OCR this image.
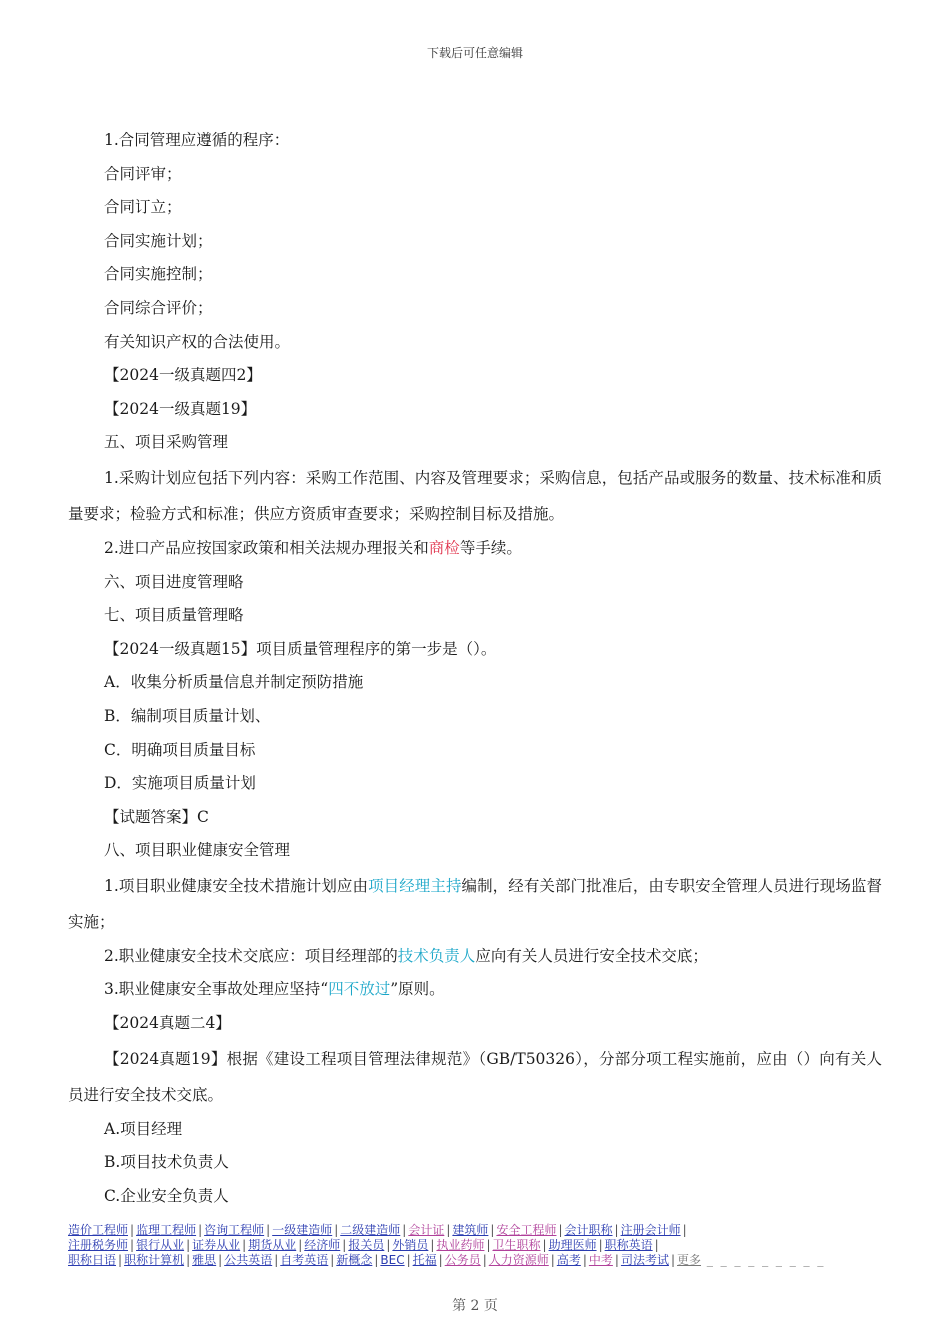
下载后可任意编辑

1.合同管理应遵循的程序：

合同评审；

合同订立；

合同实施计划；

合同实施控制；

合同综合评价；

有关知识产权的合法使用。

【2024一级真题四2】

【2024一级真题19】

五、项目采购管理

1.采购计划应包括下列内容：采购工作范围、内容及管理要求；采购信息，包括产品或服务的数量、技术标准和质量要求；检验方式和标准；供应方资质审查要求；采购控制目标及措施。

2.进口产品应按国家政策和相关法规办理报关和商检等手续。

六、项目进度管理略

七、项目质量管理略

【2024一级真题15】项目质量管理程序的第一步是（）。

A．收集分析质量信息并制定预防措施

B．编制项目质量计划、

C．明确项目质量目标

D．实施项目质量计划

【试题答案】C

八、项目职业健康安全管理

1.项目职业健康安全技术措施计划应由项目经理主持编制，经有关部门批准后，由专职安全管理人员进行现场监督实施；

2.职业健康安全技术交底应：项目经理部的技术负责人应向有关人员进行安全技术交底；

3.职业健康安全事故处理应坚持“四不放过”原则。

【2024真题二4】

【2024真题19】根据《建设工程项目管理法律规范》（GB/T50326），分部分项工程实施前，应由（）向有关人员进行安全技术交底。

A.项目经理

B.项目技术负责人

C.企业安全负责人

造价工程师 | 监理工程师 | 咨询工程师 | 一级建造师 | 二级建造师 | 会计证 | 建筑师 | 安全工程师 | 会计职称 | 注册会计师 |
注册税务师 | 银行从业 | 证券从业 | 期货从业 | 经济师 | 报关员 | 外销员 | 执业药师 | 卫生职称 | 助理医师 | 职称英语 |
职称日语 | 职称计算机 | 雅思 | 公共英语 | 自考英语 | 新概念 | BEC | 托福 | 公务员 | 人力资源师 | 高考 | 中考 | 司法考试 | 更多 _ _ _ _ _ _ _ _ _
第 2 页
